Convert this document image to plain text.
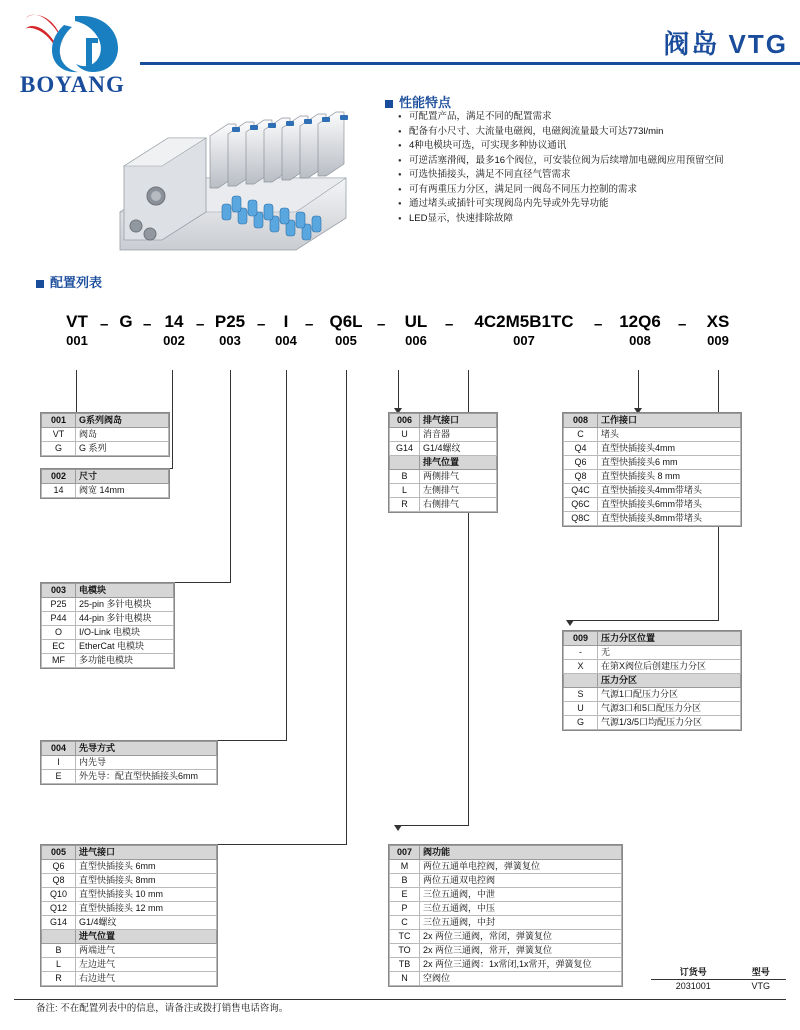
BOYANG
阀岛 VTG
性能特点
● 可配置产品，满足不同的配置需求
● 配备有小尺寸、大流量电磁阀，电磁阀流量最大可达773l/min
● 4种电模块可选，可实现多种协议通讯
● 可逆活塞滑阀，最多16个阀位，可安装位阀为后续增加电磁阀应用预留空间
● 可选快插接头，满足不同直径气管需求
● 可有两重压力分区，满足同一阀岛不同压力控制的需求
● 通过堵头或插针可实现阀岛内先导或外先导功能
● LED显示，快速排除故障
配置列表
VT
001
– G – 14
002
– P25
003
–	I
004
– Q6L
005
–	UL
006
–	4C2M5B1TC
007
– 12Q6
008
–	XS
009
001	G系列阀岛
VT	阀岛
G	G 系列
002	尺寸
14	阀宽 14mm
003	电模块
P25	25-pin 多针电模块
P44	44-pin 多针电模块
O	I/O-Link 电模块
EC	EtherCat 电模块
MF	多功能电模块
004	先导方式
I	内先导
E	外先导：配直型快插接头6mm
005	进气接口
Q6	直型快插接头 6mm
Q8	直型快插接头 8mm
Q10	直型快插接头 10 mm
Q12	直型快插接头 12 mm
G14	G1/4螺纹
	进气位置
B	两端进气
L	左边进气
R	右边进气
006	排气接口
U	消音器
G14	G1/4螺纹
	排气位置
B	两侧排气
L	左侧排气
R	右侧排气
007	阀功能
M	两位五通单电控阀，弹簧复位
B	两位五通双电控阀
E	三位五通阀，中泄
P	三位五通阀，中压
C	三位五通阀，中封
TC	2x 两位三通阀，常闭，弹簧复位
TO	2x 两位三通阀，常开，弹簧复位
TB	2x 两位三通阀：1x常闭,1x常开，弹簧复位
N	空阀位
008	工作接口
C	堵头
Q4	直型快插接头4mm
Q6	直型快插接头6 mm
Q8	直型快插接头 8 mm
Q4C	直型快插接头4mm带堵头
Q6C	直型快插接头6mm带堵头
Q8C	直型快插接头8mm带堵头
009	压力分区位置
-	无
X	在第X阀位后创建压力分区
	压力分区
S	气源1口配压力分区
U	气源3口和5口配压力分区
G	气源1/3/5口均配压力分区
订货号	型号
2031001	VTG
备注: 不在配置列表中的信息，请备注或拨打销售电话咨询。
